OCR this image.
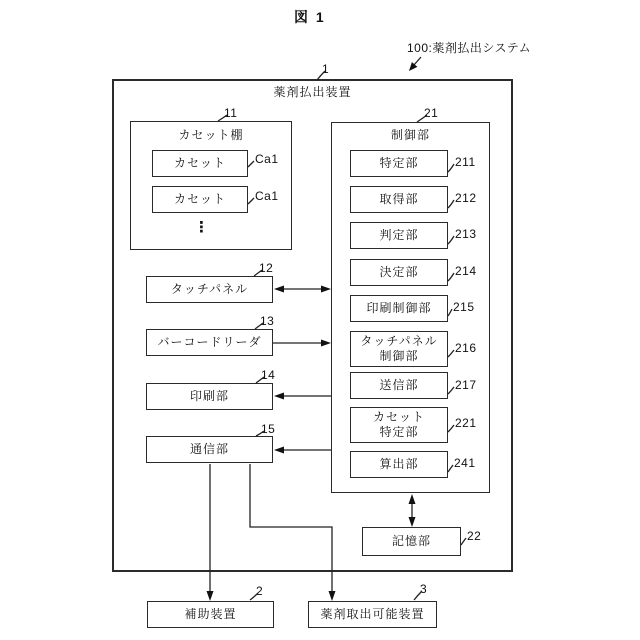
図 1
100:薬剤払出システム
薬剤払出装置
1
カセット棚
11
カセット	Ca1
カセット	Ca1
⋮
タッチパネル
12
バーコードリーダ
13
印刷部
14
通信部
15
制御部
21
特定部	211
取得部	212
判定部	213
決定部	214
印刷制御部	215
タッチパネル
制御部
216
送信部	217
カセット
特定部
221
算出部	241
記憶部	22
補助装置
2
薬剤取出可能装置
3
